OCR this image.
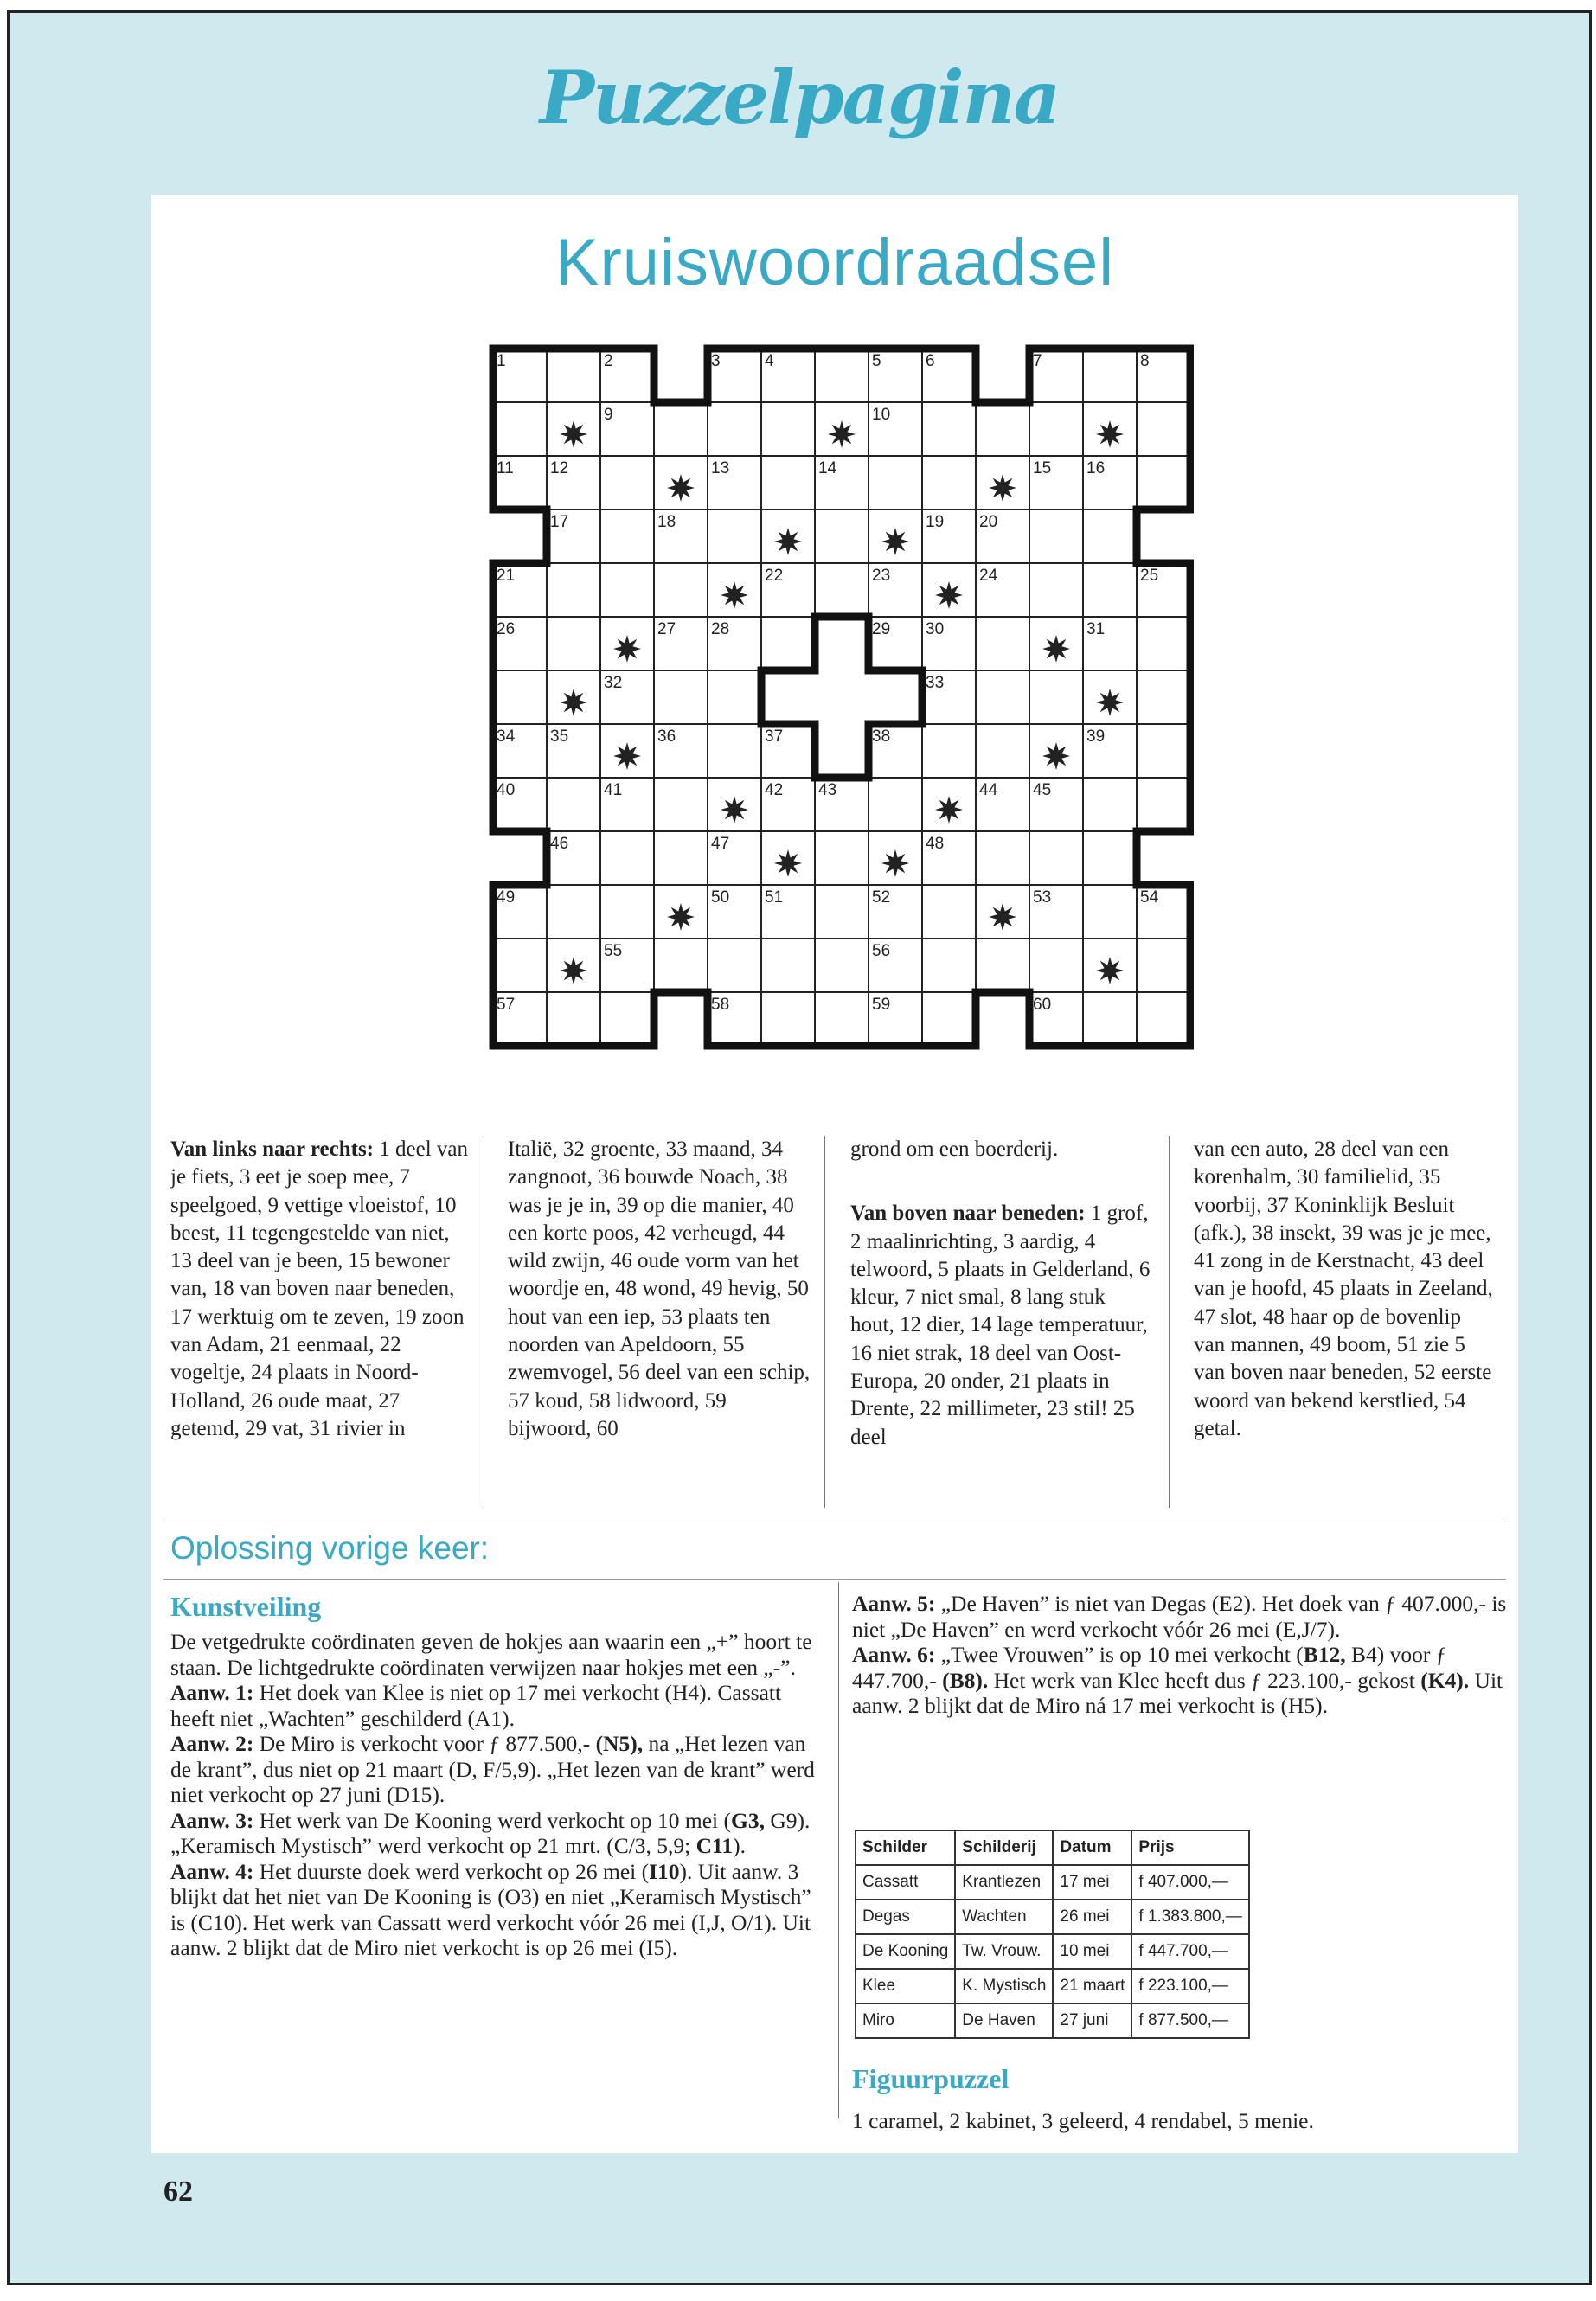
Puzzelpagina
Kruiswoordraadsel
1	2	3	4	5	6	7	8
9	10
11 12	13	14	15 16
17	18	19 20
21	22	23	24	25
26	27 28	29 30	31
32	33
34 35	36	37	38	39
40	41	42 43	44 45
46	47	48
49	50 51	52	53	54
55	56
57	58	59	60
Van links naar rechts: 1 deel van je fiets, 3 eet je soep mee, 7 speelgoed, 9 vettige vloeistof, 10 beest, 11 tegengestelde van niet, 13 deel van je been, 15 bewoner van, 18 van boven naar beneden, 17 werktuig om te zeven, 19 zoon van Adam, 21 eenmaal, 22 vogeltje, 24 plaats in Noord-Holland, 26 oude maat, 27 getemd, 29 vat, 31 rivier in
Italië, 32 groente, 33 maand, 34 zangnoot, 36 bouwde Noach, 38 was je je in, 39 op die manier, 40 een korte poos, 42 verheugd, 44 wild zwijn, 46 oude vorm van het woordje en, 48 wond, 49 hevig, 50 hout van een iep, 53 plaats ten noorden van Apeldoorn, 55 zwemvogel, 56 deel van een schip, 57 koud, 58 lidwoord, 59 bijwoord, 60
grond om een boerderij.
Van boven naar beneden: 1 grof, 2 maalinrichting, 3 aardig, 4 telwoord, 5 plaats in Gelderland, 6 kleur, 7 niet smal, 8 lang stuk hout, 12 dier, 14 lage temperatuur, 16 niet strak, 18 deel van Oost-Europa, 20 onder, 21 plaats in Drente, 22 millimeter, 23 stil! 25 deel
van een auto, 28 deel van een korenhalm, 30 familielid, 35 voorbij, 37 Koninklijk Besluit (afk.), 38 insekt, 39 was je je mee, 41 zong in de Kerstnacht, 43 deel van je hoofd, 45 plaats in Zeeland, 47 slot, 48 haar op de bovenlip van mannen, 49 boom, 51 zie 5 van boven naar beneden, 52 eerste woord van bekend kerstlied, 54 getal.
Oplossing vorige keer:
Kunstveiling
De vetgedrukte coördinaten geven de hokjes aan waarin een „+” hoort te staan. De lichtgedrukte coördinaten verwijzen naar hokjes met een „-”.
Aanw. 1: Het doek van Klee is niet op 17 mei verkocht (H4). Cassatt heeft niet „Wachten” geschilderd (A1).
Aanw. 2: De Miro is verkocht voor ƒ 877.500,- (N5), na „Het lezen van de krant”, dus niet op 21 maart (D, F/5,9). „Het lezen van de krant” werd niet verkocht op 27 juni (D15).
Aanw. 3: Het werk van De Kooning werd verkocht op 10 mei (G3, G9). „Keramisch Mystisch” werd verkocht op 21 mrt. (C/3, 5,9; C11).
Aanw. 4: Het duurste doek werd verkocht op 26 mei (I10). Uit aanw. 3 blijkt dat het niet van De Kooning is (O3) en niet „Keramisch Mystisch” is (C10). Het werk van Cassatt werd verkocht vóór 26 mei (I,J, O/1). Uit aanw. 2 blijkt dat de Miro niet verkocht is op 26 mei (I5).
Aanw. 5: „De Haven” is niet van Degas (E2). Het doek van ƒ 407.000,- is niet „De Haven” en werd verkocht vóór 26 mei (E,J/7).
Aanw. 6: „Twee Vrouwen” is op 10 mei verkocht (B12, B4) voor ƒ 447.700,- (B8). Het werk van Klee heeft dus ƒ 223.100,- gekost (K4). Uit aanw. 2 blijkt dat de Miro ná 17 mei verkocht is (H5).
Schilder	Schilderij	Datum	Prijs
Cassatt	Krantlezen	17 mei	f 407.000,—
Degas	Wachten	26 mei	f 1.383.800,—
De Kooning	Tw. Vrouw.	10 mei	f 447.700,—
Klee	K. Mystisch	21 maart	f 223.100,—
Miro	De Haven	27 juni	f 877.500,—
Figuurpuzzel
1 caramel, 2 kabinet, 3 geleerd, 4 rendabel, 5 menie.
62
